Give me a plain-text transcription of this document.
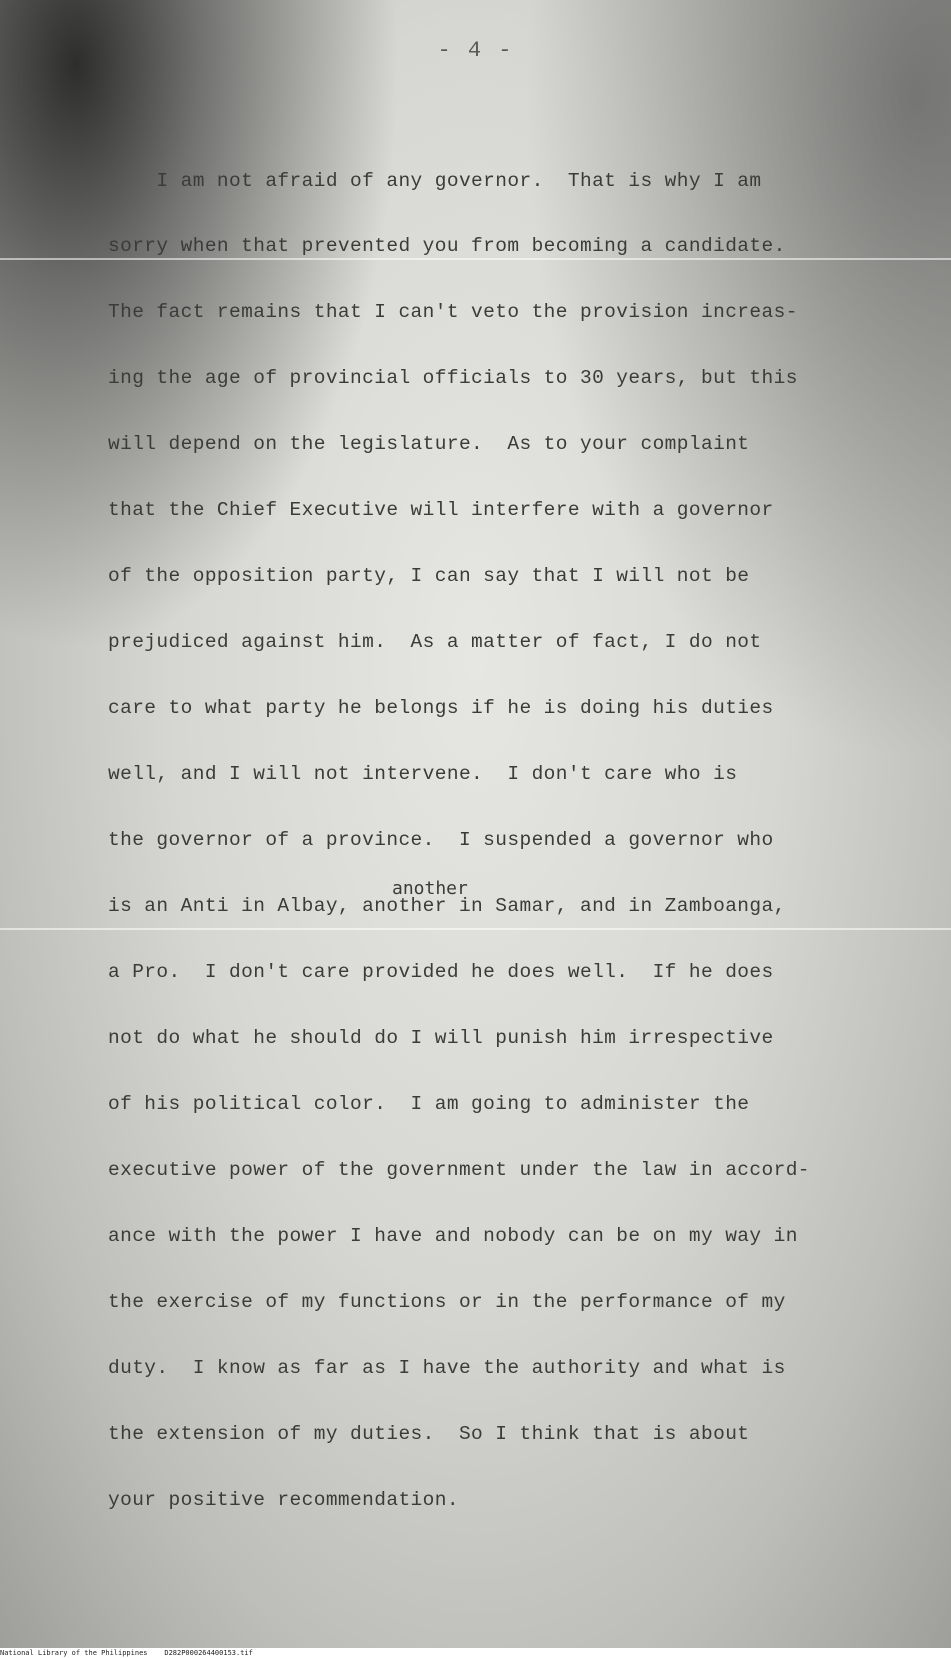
- 4 -
another
I am not afraid of any governor.  That is why I am
sorry when that prevented you from becoming a candidate.
The fact remains that I can't veto the provision increas-
ing the age of provincial officials to 30 years, but this
will depend on the legislature.  As to your complaint
that the Chief Executive will interfere with a governor
of the opposition party, I can say that I will not be
prejudiced against him.  As a matter of fact, I do not
care to what party he belongs if he is doing his duties
well, and I will not intervene.  I don't care who is
the governor of a province.  I suspended a governor who
is an Anti in Albay, another in Samar, and in Zamboanga,
a Pro.  I don't care provided he does well.  If he does
not do what he should do I will punish him irrespective
of his political color.  I am going to administer the
executive power of the government under the law in accord-
ance with the power I have and nobody can be on my way in
the exercise of my functions or in the performance of my
duty.  I know as far as I have the authority and what is
the extension of my duties.  So I think that is about
your positive recommendation.
National Library of the Philippines    D282P000264400153.tif
